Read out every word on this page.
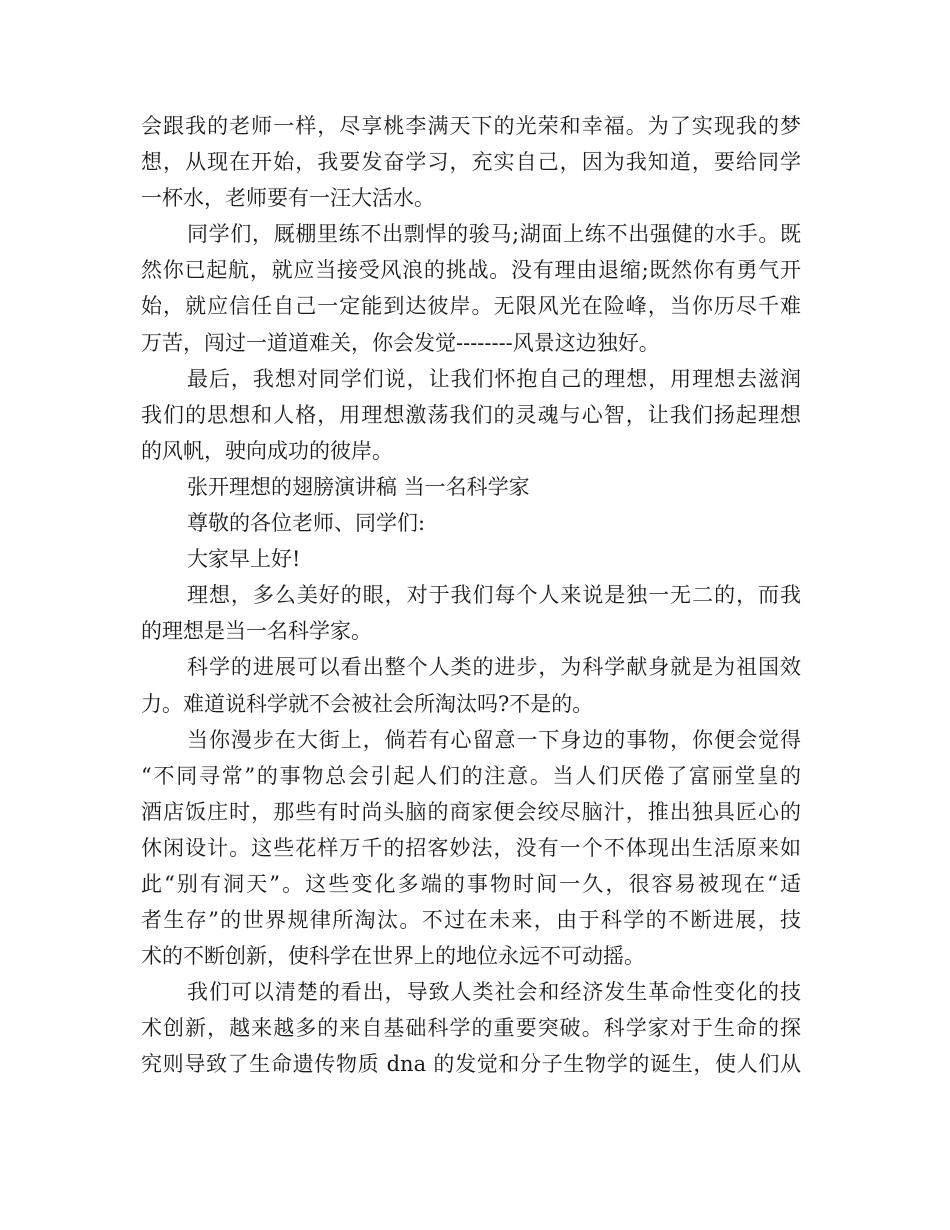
会跟我的老师一样，尽享桃李满天下的光荣和幸福。为了实现我的梦
想，从现在开始，我要发奋学习，充实自己，因为我知道，要给同学
一杯水，老师要有一汪大活水。
同学们，厩棚里练不出剽悍的骏马;湖面上练不出强健的水手。既
然你已起航，就应当接受风浪的挑战。没有理由退缩;既然你有勇气开
始，就应信任自己一定能到达彼岸。无限风光在险峰，当你历尽千难
万苦，闯过一道道难关，你会发觉--------风景这边独好。
最后，我想对同学们说，让我们怀抱自己的理想，用理想去滋润
我们的思想和人格，用理想激荡我们的灵魂与心智，让我们扬起理想
的风帆，驶向成功的彼岸。
张开理想的翅膀演讲稿 当一名科学家
尊敬的各位老师、同学们:
大家早上好!
理想，多么美好的眼，对于我们每个人来说是独一无二的，而我
的理想是当一名科学家。
科学的进展可以看出整个人类的进步，为科学献身就是为祖国效
力。难道说科学就不会被社会所淘汰吗?不是的。
当你漫步在大街上，倘若有心留意一下身边的事物，你便会觉得
“不同寻常”的事物总会引起人们的注意。当人们厌倦了富丽堂皇的
酒店饭庄时，那些有时尚头脑的商家便会绞尽脑汁，推出独具匠心的
休闲设计。这些花样万千的招客妙法，没有一个不体现出生活原来如
此“别有洞天”。这些变化多端的事物时间一久，很容易被现在“适
者生存”的世界规律所淘汰。不过在未来，由于科学的不断进展，技
术的不断创新，使科学在世界上的地位永远不可动摇。
我们可以清楚的看出，导致人类社会和经济发生革命性变化的技
术创新，越来越多的来自基础科学的重要突破。科学家对于生命的探
究则导致了生命遗传物质 dna 的发觉和分子生物学的诞生，使人们从
